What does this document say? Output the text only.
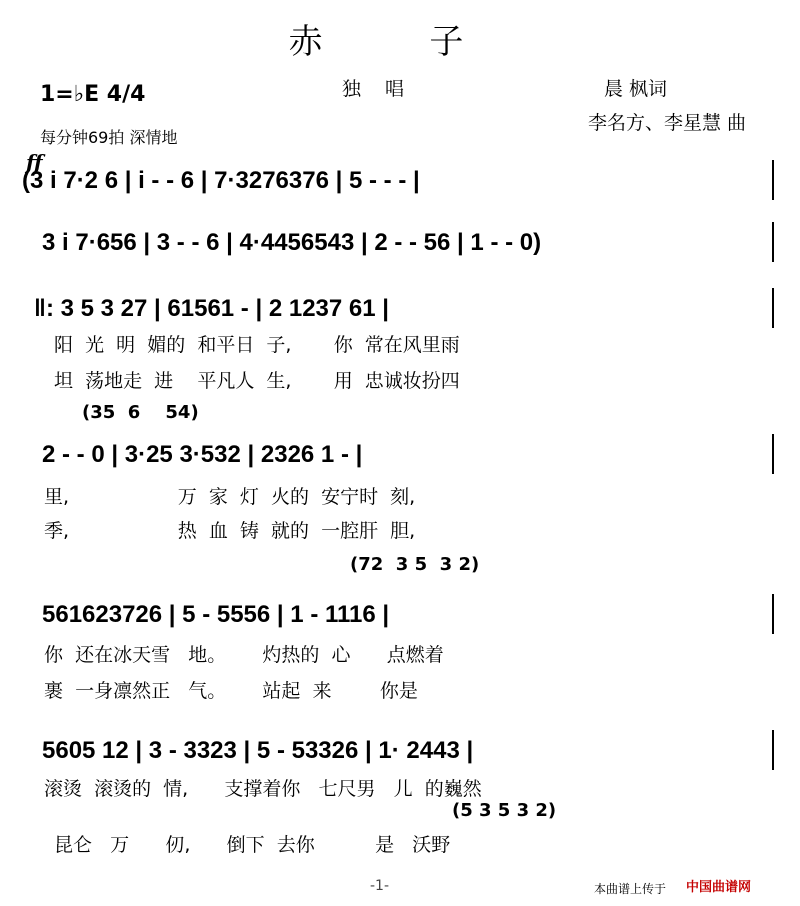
赤 子
1=♭E 4/4	独唱	晨 枫词
李名方、李星慧 曲
每分钟69拍 深情地
ff
(3 i 7·2 6 | i - - 6 | 7·3276376 | 5 - - - |
3 i 7·656 | 3 - - 6 | 4·4456543 | 2 - - 56 | 1 - - 0)
‖: 3 5 3 27 | 61561 - | 2 1237 61 |
阳  光  明  媚的  和平日  子,       你  常在风里雨
坦  荡地走  进    平凡人  生,       用  忠诚妆扮四
(35  6    54)
2 - - 0 | 3·25 3·532 | 2326 1 - |
里,                  万  家  灯  火的  安宁时  刻,
季,                  热  血  铸  就的  一腔肝  胆,
(72  3 5  3 2)
561623726 | 5 - 5556 | 1 - 1116 |
你  还在冰天雪   地。      灼热的  心      点燃着
裹  一身凛然正   气。      站起  来        你是
5605 12 | 3 - 3323 | 5 - 53326 | 1· 2443 |
滚烫  滚烫的  情,      支撑着你   七尺男   儿  的巍然
(5 3 5 3 2)
昆仑   万      仞,      倒下  去你          是   沃野
-1-	本曲谱上传于 中国曲谱网
